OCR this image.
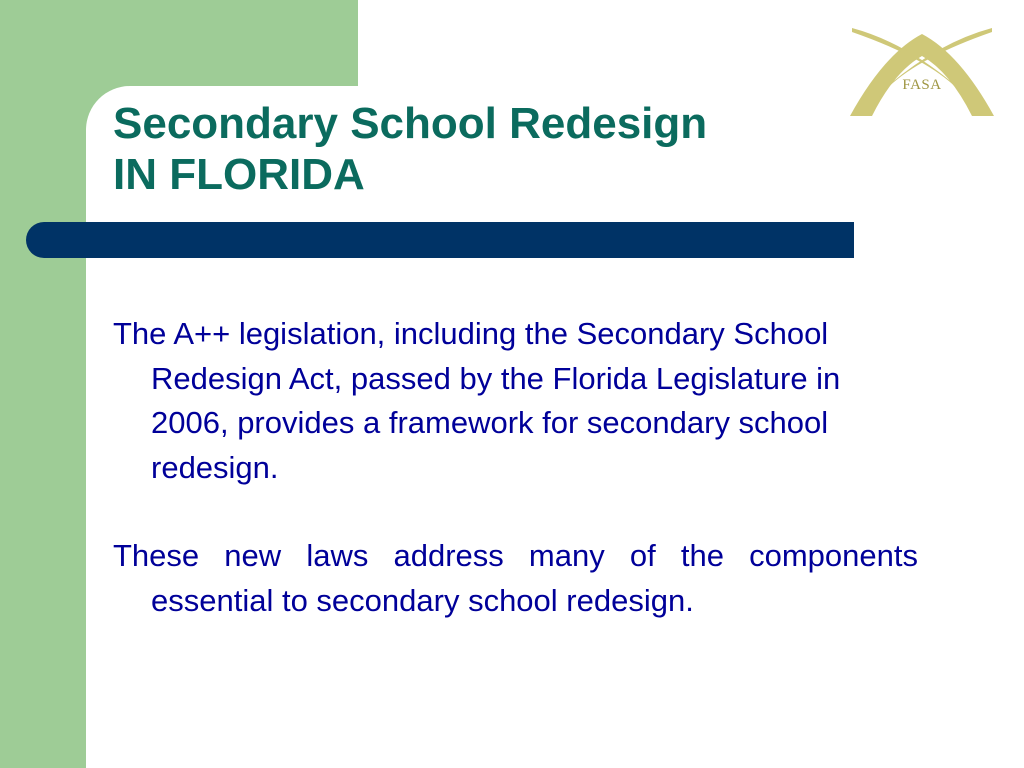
Secondary School Redesign
IN FLORIDA
FASA

The A++ legislation, including the Secondary School Redesign Act, passed by the Florida Legislature in 2006, provides a framework for secondary school redesign.

These new laws address many of the components essential to secondary school redesign.
